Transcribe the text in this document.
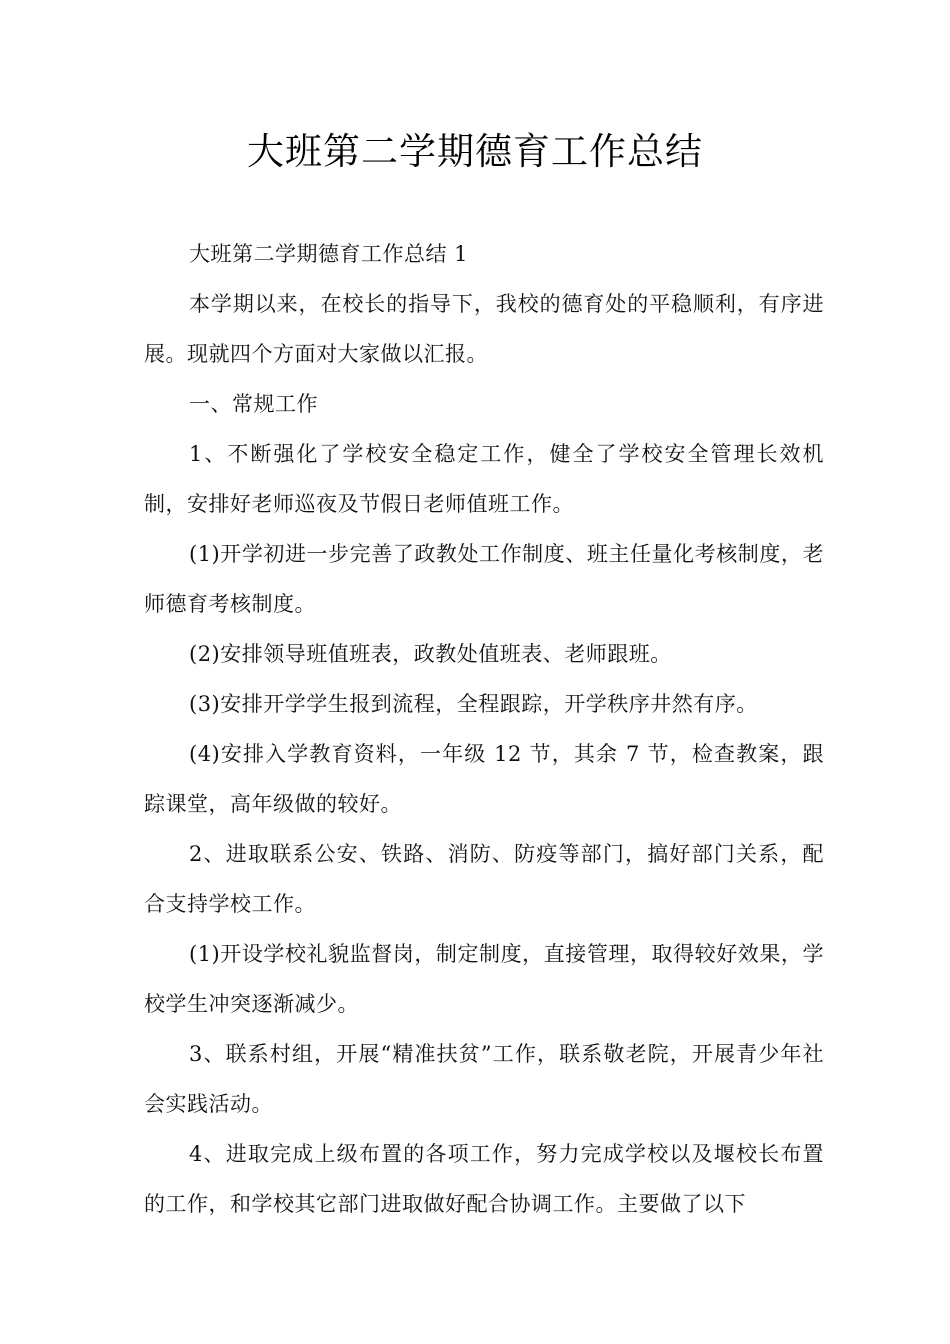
大班第二学期德育工作总结

大班第二学期德育工作总结 1

本学期以来，在校长的指导下，我校的德育处的平稳顺利，有序进展。现就四个方面对大家做以汇报。

一、常规工作

1、不断强化了学校安全稳定工作，健全了学校安全管理长效机制，安排好老师巡夜及节假日老师值班工作。

(1)开学初进一步完善了政教处工作制度、班主任量化考核制度，老师德育考核制度。

(2)安排领导班值班表，政教处值班表、老师跟班。

(3)安排开学学生报到流程，全程跟踪，开学秩序井然有序。

(4)安排入学教育资料，一年级 12 节，其余 7 节，检查教案，跟踪课堂，高年级做的较好。

2、进取联系公安、铁路、消防、防疫等部门，搞好部门关系，配合支持学校工作。

(1)开设学校礼貌监督岗，制定制度，直接管理，取得较好效果，学校学生冲突逐渐减少。

3、联系村组，开展“精准扶贫”工作，联系敬老院，开展青少年社会实践活动。

4、进取完成上级布置的各项工作，努力完成学校以及堰校长布置的工作，和学校其它部门进取做好配合协调工作。主要做了以下
